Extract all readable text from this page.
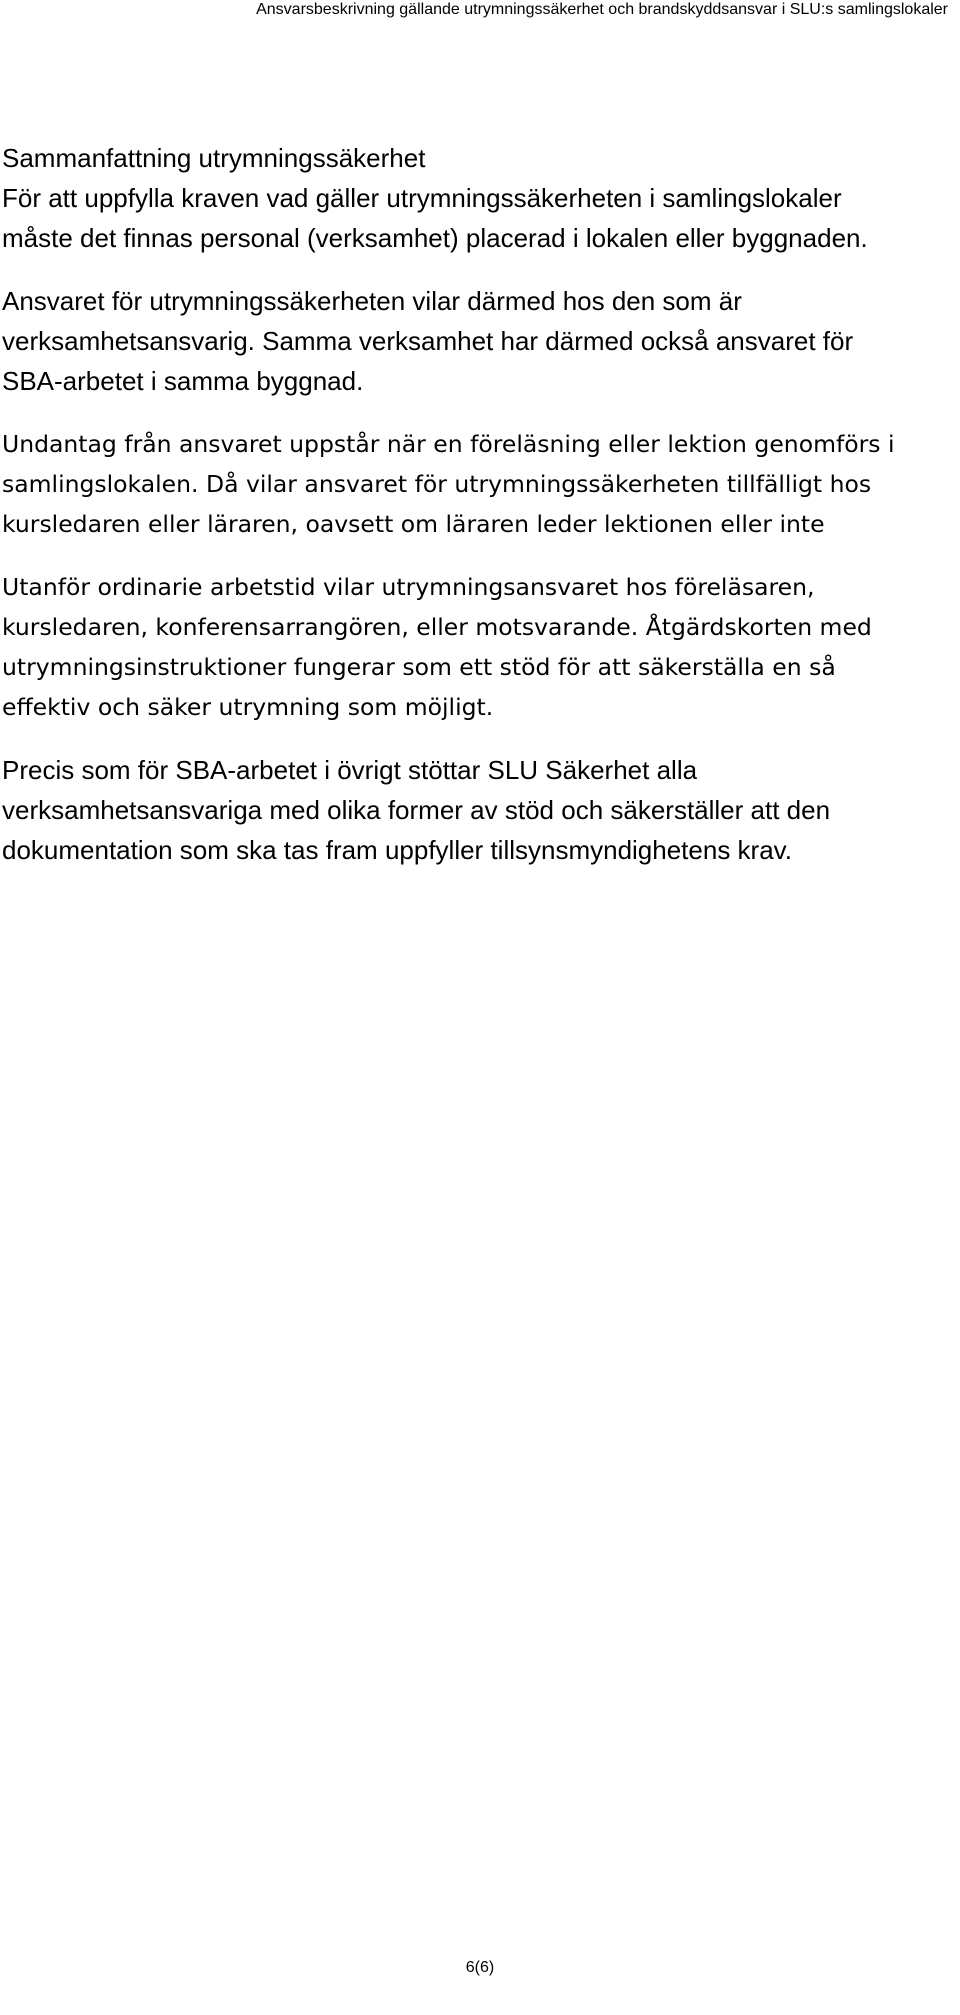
Ansvarsbeskrivning gällande utrymningssäkerhet och brandskyddsansvar i SLU:s samlingslokaler
Sammanfattning utrymningssäkerhet

För att uppfylla kraven vad gäller utrymningssäkerheten i samlingslokaler
måste det finnas personal (verksamhet) placerad i lokalen eller byggnaden.

Ansvaret för utrymningssäkerheten vilar därmed hos den som är
verksamhetsansvarig. Samma verksamhet har därmed också ansvaret för
SBA-arbetet i samma byggnad.

Undantag från ansvaret uppstår när en föreläsning eller lektion genomförs i
samlingslokalen. Då vilar ansvaret för utrymningssäkerheten tillfälligt hos
kursledaren eller läraren, oavsett om läraren leder lektionen eller inte

Utanför ordinarie arbetstid vilar utrymningsansvaret hos föreläsaren,
kursledaren, konferensarrangören, eller motsvarande. Åtgärdskorten med
utrymningsinstruktioner fungerar som ett stöd för att säkerställa en så
effektiv och säker utrymning som möjligt.

Precis som för SBA-arbetet i övrigt stöttar SLU Säkerhet alla
verksamhetsansvariga med olika former av stöd och säkerställer att den
dokumentation som ska tas fram uppfyller tillsynsmyndighetens krav.

6(6)
